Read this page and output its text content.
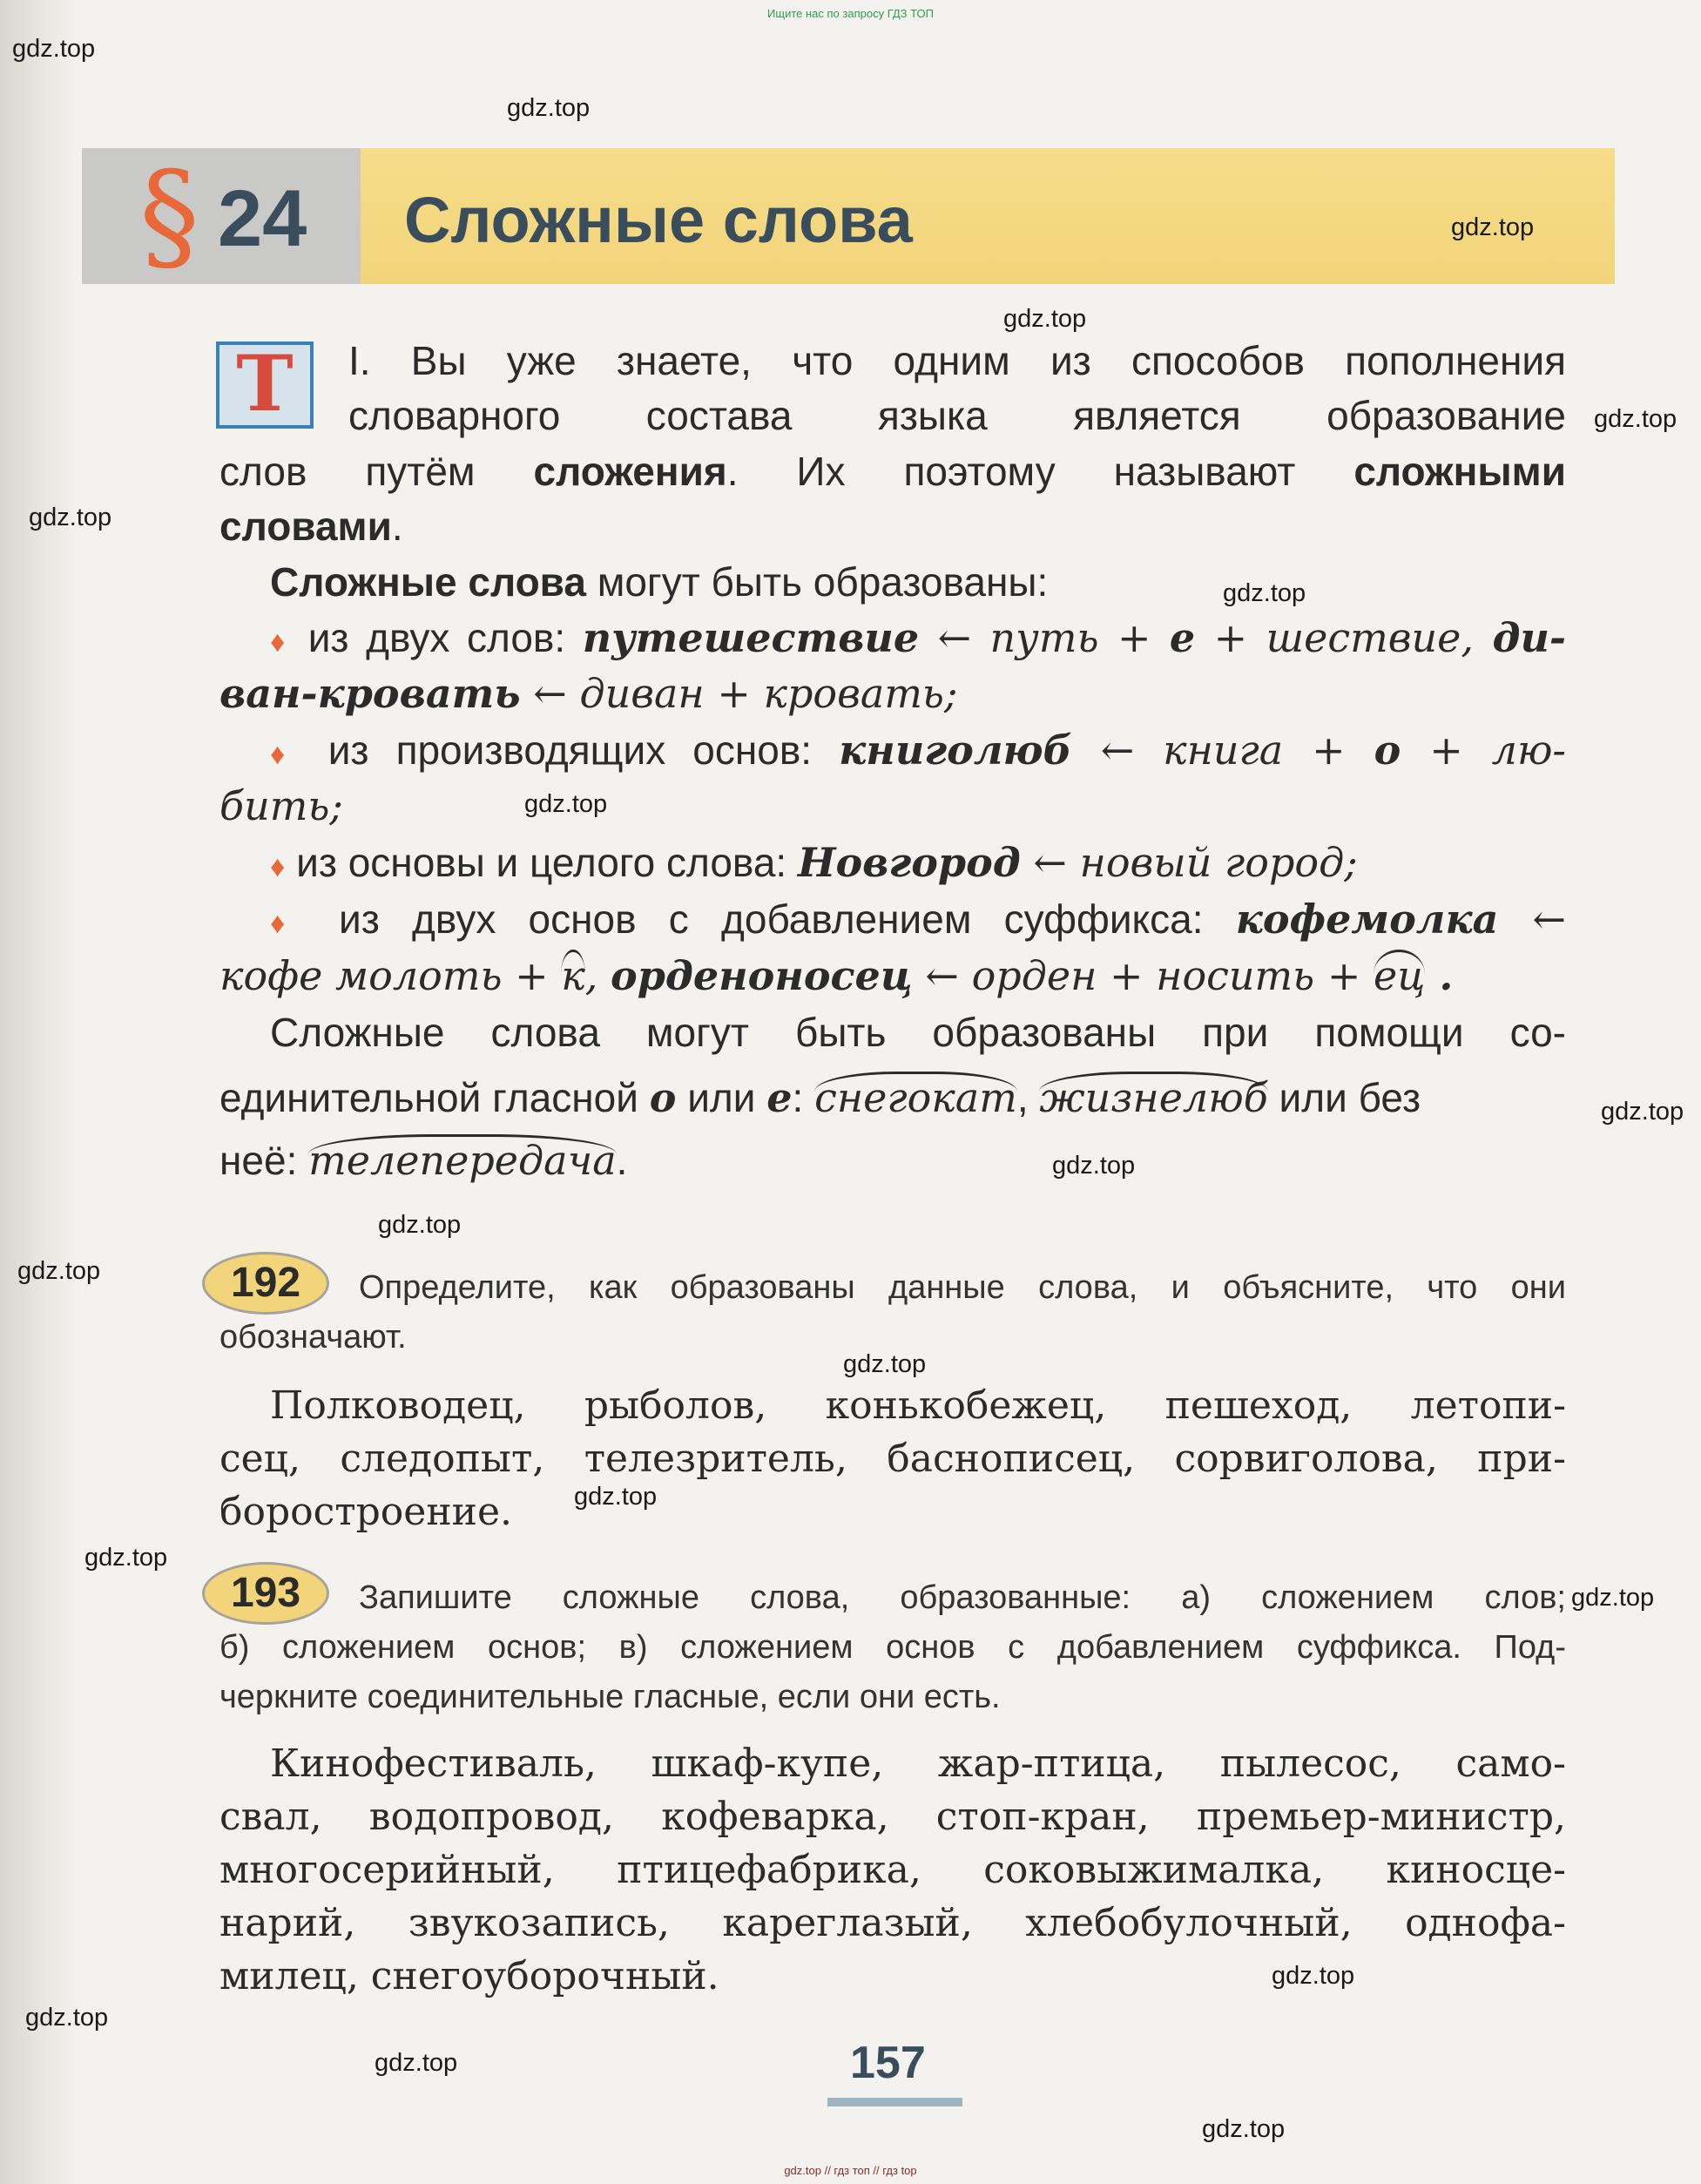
Ищите нас по запросу ГДЗ ТОП
§ 24 Сложные слова
Т	I. Вы уже знаете, что одним из способов пополнения
словарного состава языка является образование
слов путём сложения. Их поэтому называют сложными
словами.
Сложные слова могут быть образованы:
♦ из двух слов: путешествие ← путь + е + шествие, ди-
ван-кровать ← диван + кровать;
♦ из производящих основ: книголюб ← книга + о + лю-
бить;
♦ из основы и целого слова: Новгород ← новый город;
♦ из двух основ с добавлением суффикса: кофемолка ←
кофе молоть + к, орденоносец ← орден + носить + ец .
Сложные слова могут быть образованы при помощи со-
единительной гласной о или е: снегокат, жизнелюб или без
неё: телепередача.
192	Определите, как образованы данные слова, и объясните, что они
обозначают.
Полководец, рыболов, конькобежец, пешеход, летопи-
сец, следопыт, телезритель, баснописец, сорвиголова, при-
боростроение.
193	Запишите сложные слова, образованные: а) сложением слов;
б) сложением основ; в) сложением основ с добавлением суффикса. Под-
черкните соединительные гласные, если они есть.
Кинофестиваль, шкаф-купе, жар-птица, пылесос, само-
свал, водопровод, кофеварка, стоп-кран, премьер-министр,
многосерийный, птицефабрика, соковыжималка, киносце-
нарий, звукозапись, кареглазый, хлебобулочный, однофа-
милец, снегоуборочный.
157
gdz.top
gdz.top
gdz.top
gdz.top
gdz.top
gdz.top
gdz.top
gdz.top
gdz.top
gdz.top
gdz.top
gdz.top
gdz.top
gdz.top
gdz.top
gdz.top
gdz.top
gdz.top
gdz.top
gdz.top
gdz.top // гдз топ // гдз top
